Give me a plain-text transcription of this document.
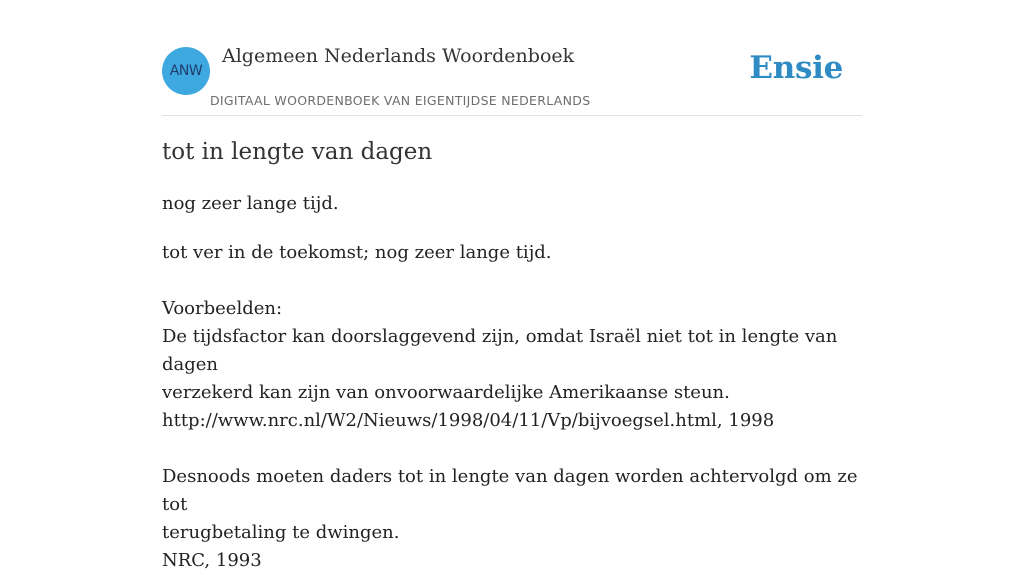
ANW
Algemeen Nederlands Woordenboek
DIGITAAL WOORDENBOEK VAN EIGENTIJDSE NEDERLANDS
Ensie
tot in lengte van dagen

nog zeer lange tijd.

tot ver in de toekomst; nog zeer lange tijd.
Voorbeelden:
De tijdsfactor kan doorslaggevend zijn, omdat Israël niet tot in lengte van dagen
verzekerd kan zijn van onvoorwaardelijke Amerikaanse steun.
http://www.nrc.nl/W2/Nieuws/1998/04/11/Vp/bijvoegsel.html, 1998
Desnoods moeten daders tot in lengte van dagen worden achtervolgd om ze tot
terugbetaling te dwingen.
NRC, 1993
